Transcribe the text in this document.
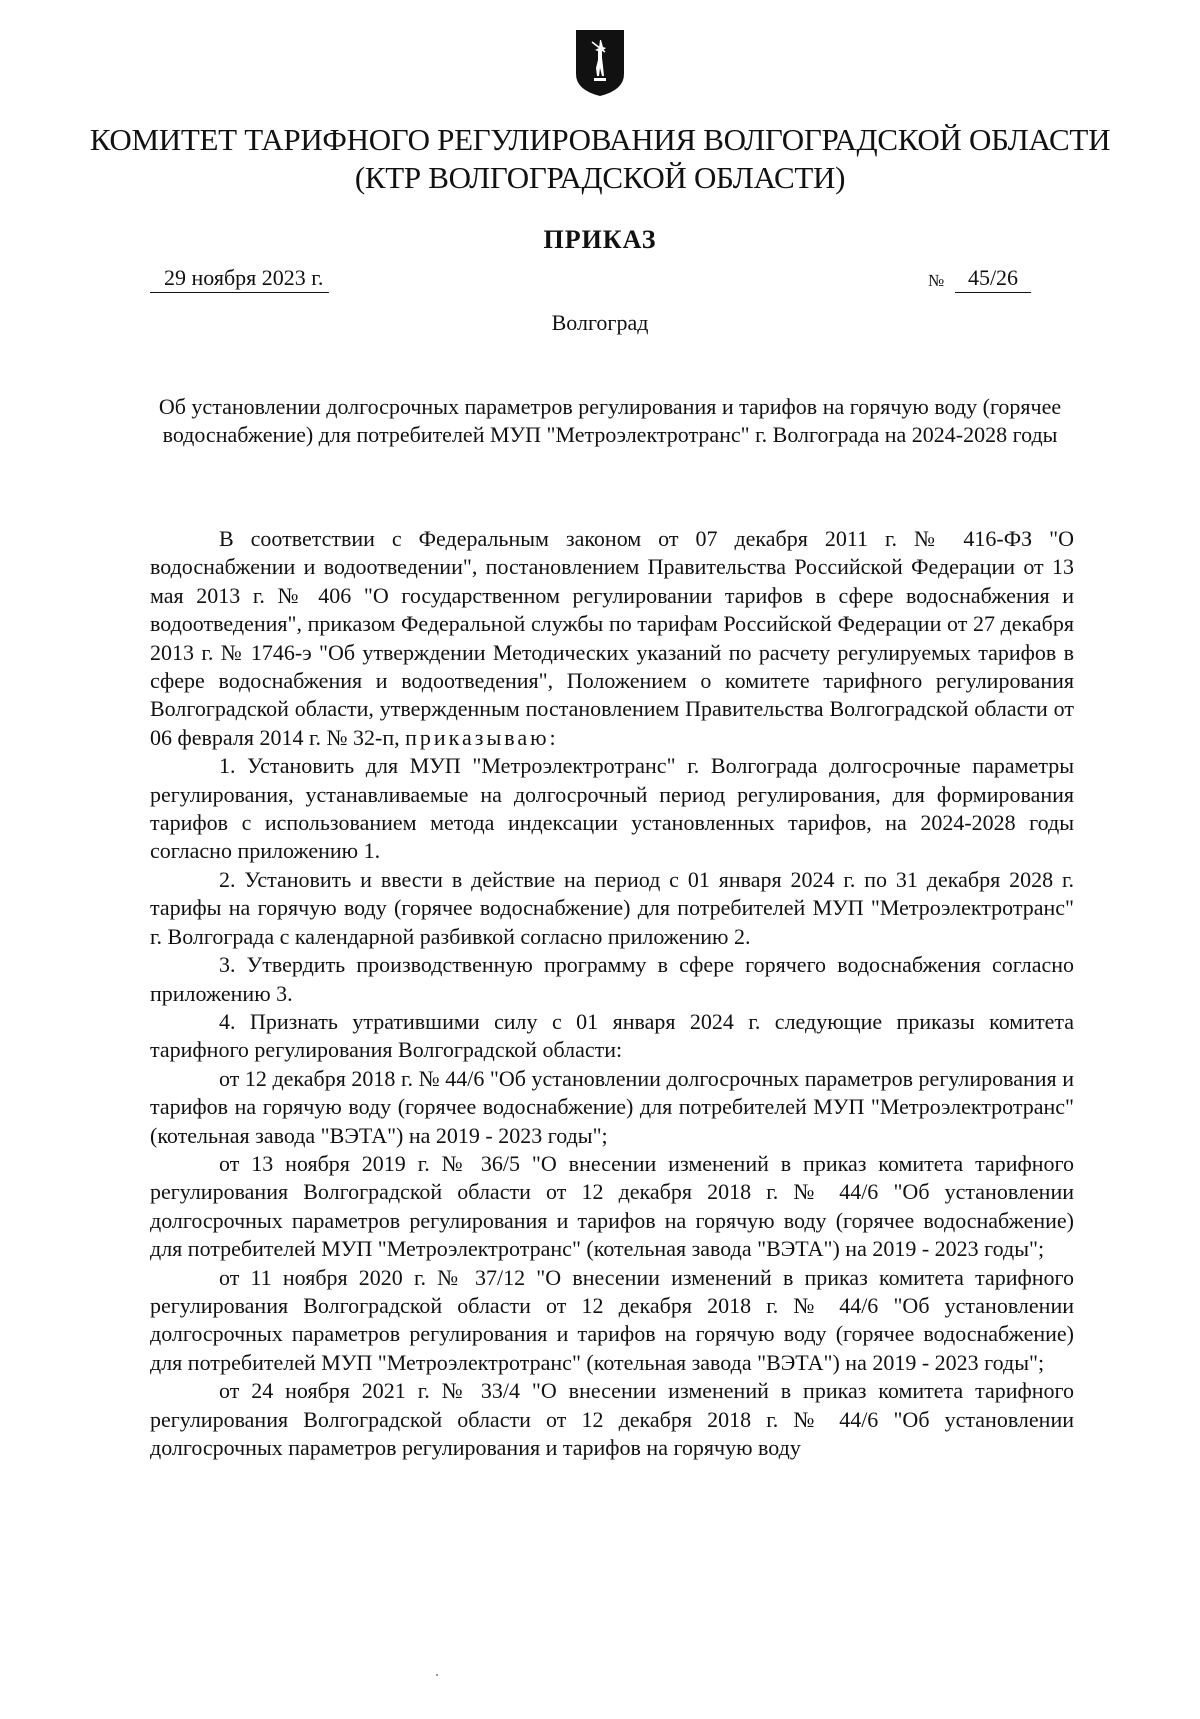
КОМИТЕТ ТАРИФНОГО РЕГУЛИРОВАНИЯ ВОЛГОГРАДСКОЙ ОБЛАСТИ
(КТР ВОЛГОГРАДСКОЙ ОБЛАСТИ)
ПРИКАЗ
29 ноября 2023 г.	№	45/26
Волгоград
Об установлении долгосрочных параметров регулирования и тарифов на горячую воду (горячее водоснабжение) для потребителей МУП "Метроэлектротранс" г. Волгограда на 2024-2028 годы

В соответствии с Федеральным законом от 07 декабря 2011 г. № 416-ФЗ "О водоснабжении и водоотведении", постановлением Правительства Российской Федерации от 13 мая 2013 г. № 406 "О государственном регулировании тарифов в сфере водоснабжения и водоотведения", приказом Федеральной службы по тарифам Российской Федерации от 27 декабря 2013 г. № 1746-э "Об утверждении Методических указаний по расчету регулируемых тарифов в сфере водоснабжения и водоотведения", Положением о комитете тарифного регулирования Волгоградской области, утвержденным постановлением Правительства Волгоградской области от 06 февраля 2014 г. № 32-п, приказываю:

1. Установить для МУП "Метроэлектротранс" г. Волгограда долгосрочные параметры регулирования, устанавливаемые на долгосрочный период регулирования, для формирования тарифов с использованием метода индексации установленных тарифов, на 2024-2028 годы согласно приложению 1.

2. Установить и ввести в действие на период с 01 января 2024 г. по 31 декабря 2028 г. тарифы на горячую воду (горячее водоснабжение) для потребителей МУП "Метроэлектротранс" г. Волгограда с календарной разбивкой согласно приложению 2.

3. Утвердить производственную программу в сфере горячего водоснабжения согласно приложению 3.

4. Признать утратившими силу с 01 января 2024 г. следующие приказы комитета тарифного регулирования Волгоградской области:

от 12 декабря 2018 г. № 44/6 "Об установлении долгосрочных параметров регулирования и тарифов на горячую воду (горячее водоснабжение) для потребителей МУП "Метроэлектротранс" (котельная завода "ВЭТА") на 2019 - 2023 годы";

от 13 ноября 2019 г. № 36/5 "О внесении изменений в приказ комитета тарифного регулирования Волгоградской области от 12 декабря 2018 г. № 44/6 "Об установлении долгосрочных параметров регулирования и тарифов на горячую воду (горячее водоснабжение) для потребителей МУП "Метроэлектротранс" (котельная завода "ВЭТА") на 2019 - 2023 годы";

от 11 ноября 2020 г. № 37/12 "О внесении изменений в приказ комитета тарифного регулирования Волгоградской области от 12 декабря 2018 г. № 44/6 "Об установлении долгосрочных параметров регулирования и тарифов на горячую воду (горячее водоснабжение) для потребителей МУП "Метроэлектротранс" (котельная завода "ВЭТА") на 2019 - 2023 годы";

от 24 ноября 2021 г. № 33/4 "О внесении изменений в приказ комитета тарифного регулирования Волгоградской области от 12 декабря 2018 г. № 44/6 "Об установлении долгосрочных параметров регулирования и тарифов на горячую воду
